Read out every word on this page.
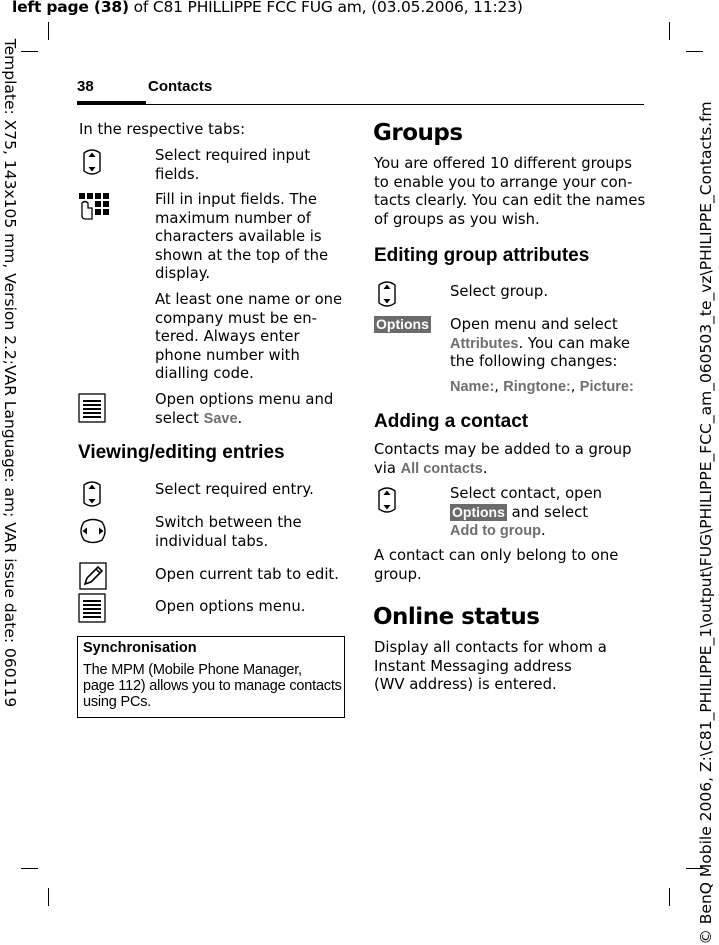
left page (38) of C81 PHILLIPPE FCC FUG am, (03.05.2006, 11:23)
Template: X75, 143x105 mm, Version 2.2;VAR Language: am; VAR issue date: 060119	© BenQ Mobile 2006, Z:\C81_PHILIPPE_1\output\FUG\PHILIPPE_FCC_am_060503_te_vz\PHILIPPE_Contacts.fm
38	Contacts
In the respective tabs:
Select required input
fields.
Fill in input fields. The
maximum number of
characters available is
shown at the top of the
display.
At least one name or one
company must be en-
tered. Always enter
phone number with
dialling code.
Open options menu and
select Save.
Viewing/editing entries
Select required entry.
Switch between the
individual tabs.
Open current tab to edit.
Open options menu.
Synchronisation
The MPM (Mobile Phone Manager,
page 112) allows you to manage contacts
using PCs.
Groups
You are offered 10 different groups
to enable you to arrange your con-
tacts clearly. You can edit the names
of groups as you wish.
Editing group attributes
Select group.
Options Open menu and select
Attributes. You can make
the following changes:
Name:, Ringtone:, Picture:
Adding a contact
Contacts may be added to a group
via All contacts.
Select contact, open
Options and select
Add to group.
A contact can only belong to one
group.
Online status
Display all contacts for whom a
Instant Messaging address
(WV address) is entered.
